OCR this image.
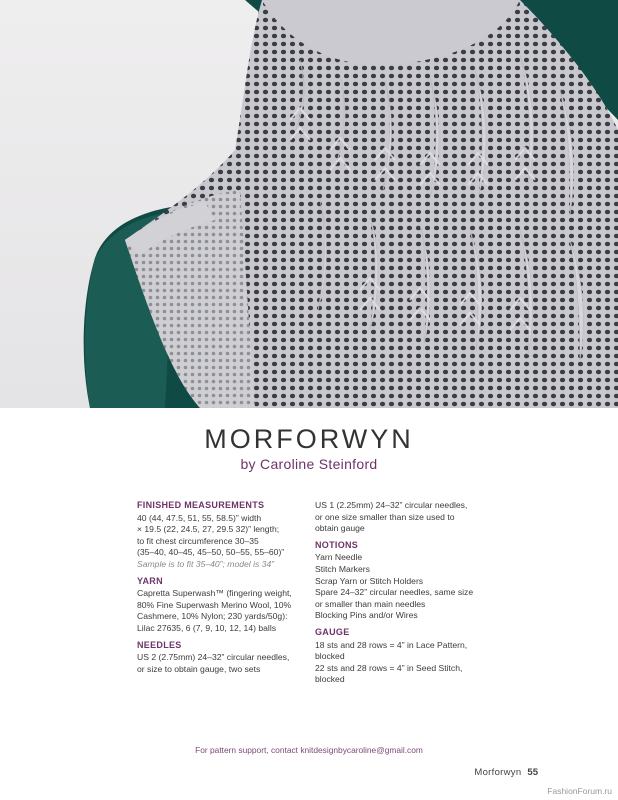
MORFORWYN
by Caroline Steinford
FINISHED MEASUREMENTS
40 (44, 47.5, 51, 55, 58.5)” width
× 19.5 (22, 24.5, 27, 29.5 32)” length;
to fit chest circumference 30–35
(35–40, 40–45, 45–50, 50–55, 55–60)”
Sample is to fit 35–40”; model is 34”
YARN
Capretta Superwash™ (fingering weight,
80% Fine Superwash Merino Wool, 10%
Cashmere, 10% Nylon; 230 yards/50g):
Lilac 27635, 6 (7, 9, 10, 12, 14) balls
NEEDLES
US 2 (2.75mm) 24–32” circular needles,
or size to obtain gauge, two sets
US 1 (2.25mm) 24–32” circular needles,
or one size smaller than size used to
obtain gauge
NOTIONS
Yarn Needle
Stitch Markers
Scrap Yarn or Stitch Holders
Spare 24–32” circular needles, same size
or smaller than main needles
Blocking Pins and/or Wires
GAUGE
18 sts and 28 rows = 4” in Lace Pattern,
blocked
22 sts and 28 rows = 4” in Seed Stitch,
blocked
For pattern support, contact knitdesignbycaroline@gmail.com
Morforwyn 55
FashionForum.ru
